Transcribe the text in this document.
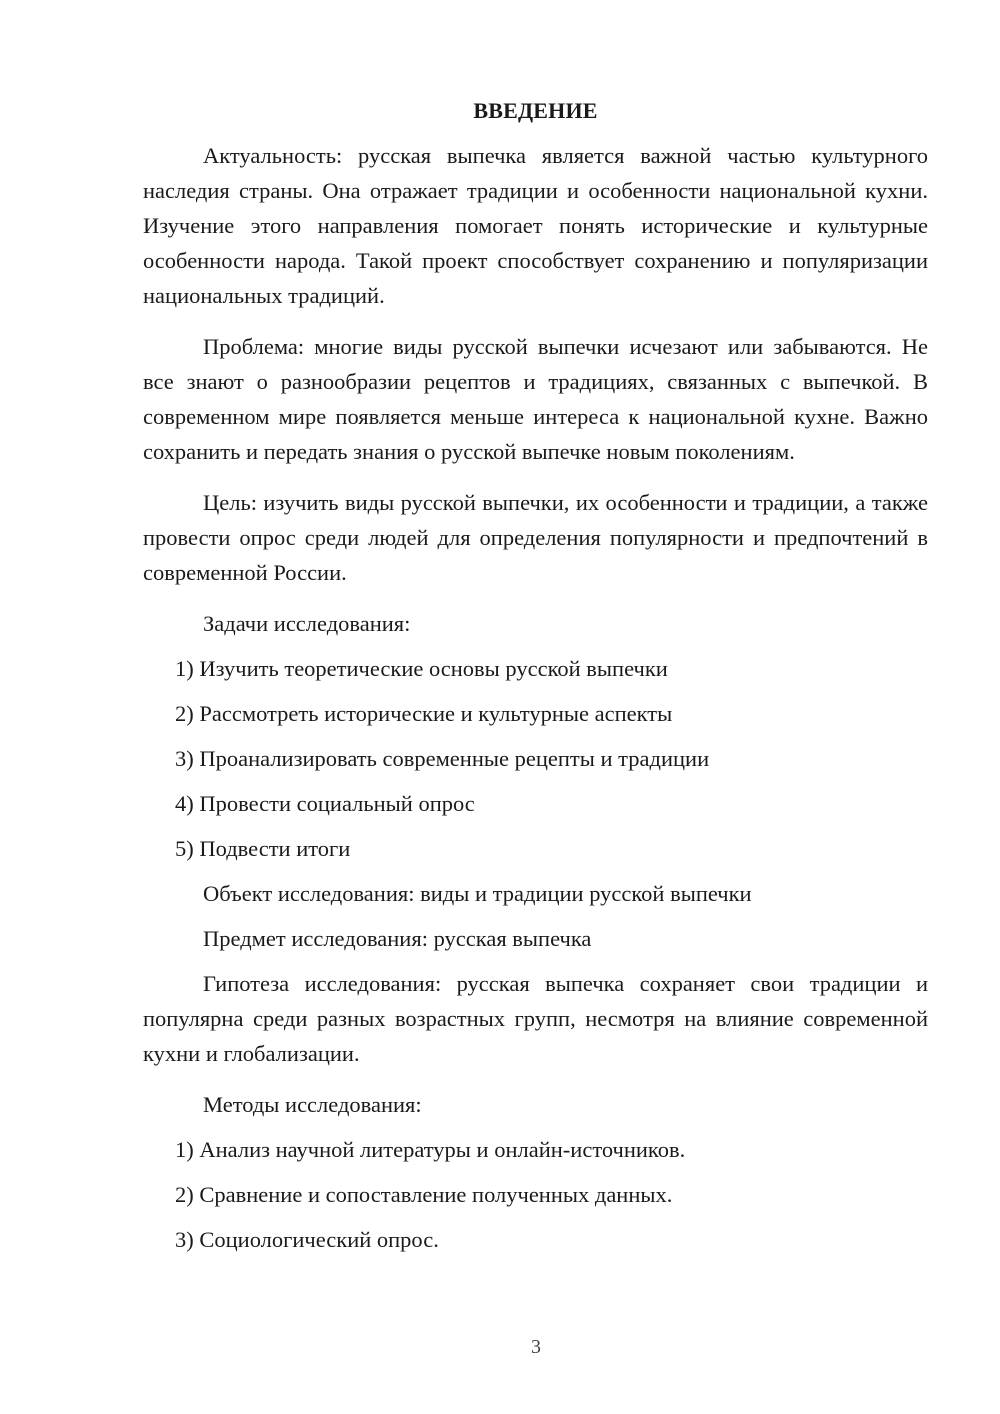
ВВЕДЕНИЕ

Актуальность: русская выпечка является важной частью культурного наследия страны. Она отражает традиции и особенности национальной кухни. Изучение этого направления помогает понять исторические и культурные особенности народа. Такой проект способствует сохранению и популяризации национальных традиций.

Проблема: многие виды русской выпечки исчезают или забываются. Не все знают о разнообразии рецептов и традициях, связанных с выпечкой. В современном мире появляется меньше интереса к национальной кухне. Важно сохранить и передать знания о русской выпечке новым поколениям.

Цель: изучить виды русской выпечки, их особенности и традиции, а также провести опрос среди людей для определения популярности и предпочтений в современной России.

Задачи исследования:
1) Изучить теоретические основы русской выпечки
2) Рассмотреть исторические и культурные аспекты
3) Проанализировать современные рецепты и традиции
4) Провести социальный опрос
5) Подвести итоги
Объект исследования: виды и традиции русской выпечки
Предмет исследования: русская выпечка

Гипотеза исследования: русская выпечка сохраняет свои традиции и популярна среди разных возрастных групп, несмотря на влияние современной кухни и глобализации.

Методы исследования:
1) Анализ научной литературы и онлайн-источников.
2) Сравнение и сопоставление полученных данных.
3) Социологический опрос.
3
